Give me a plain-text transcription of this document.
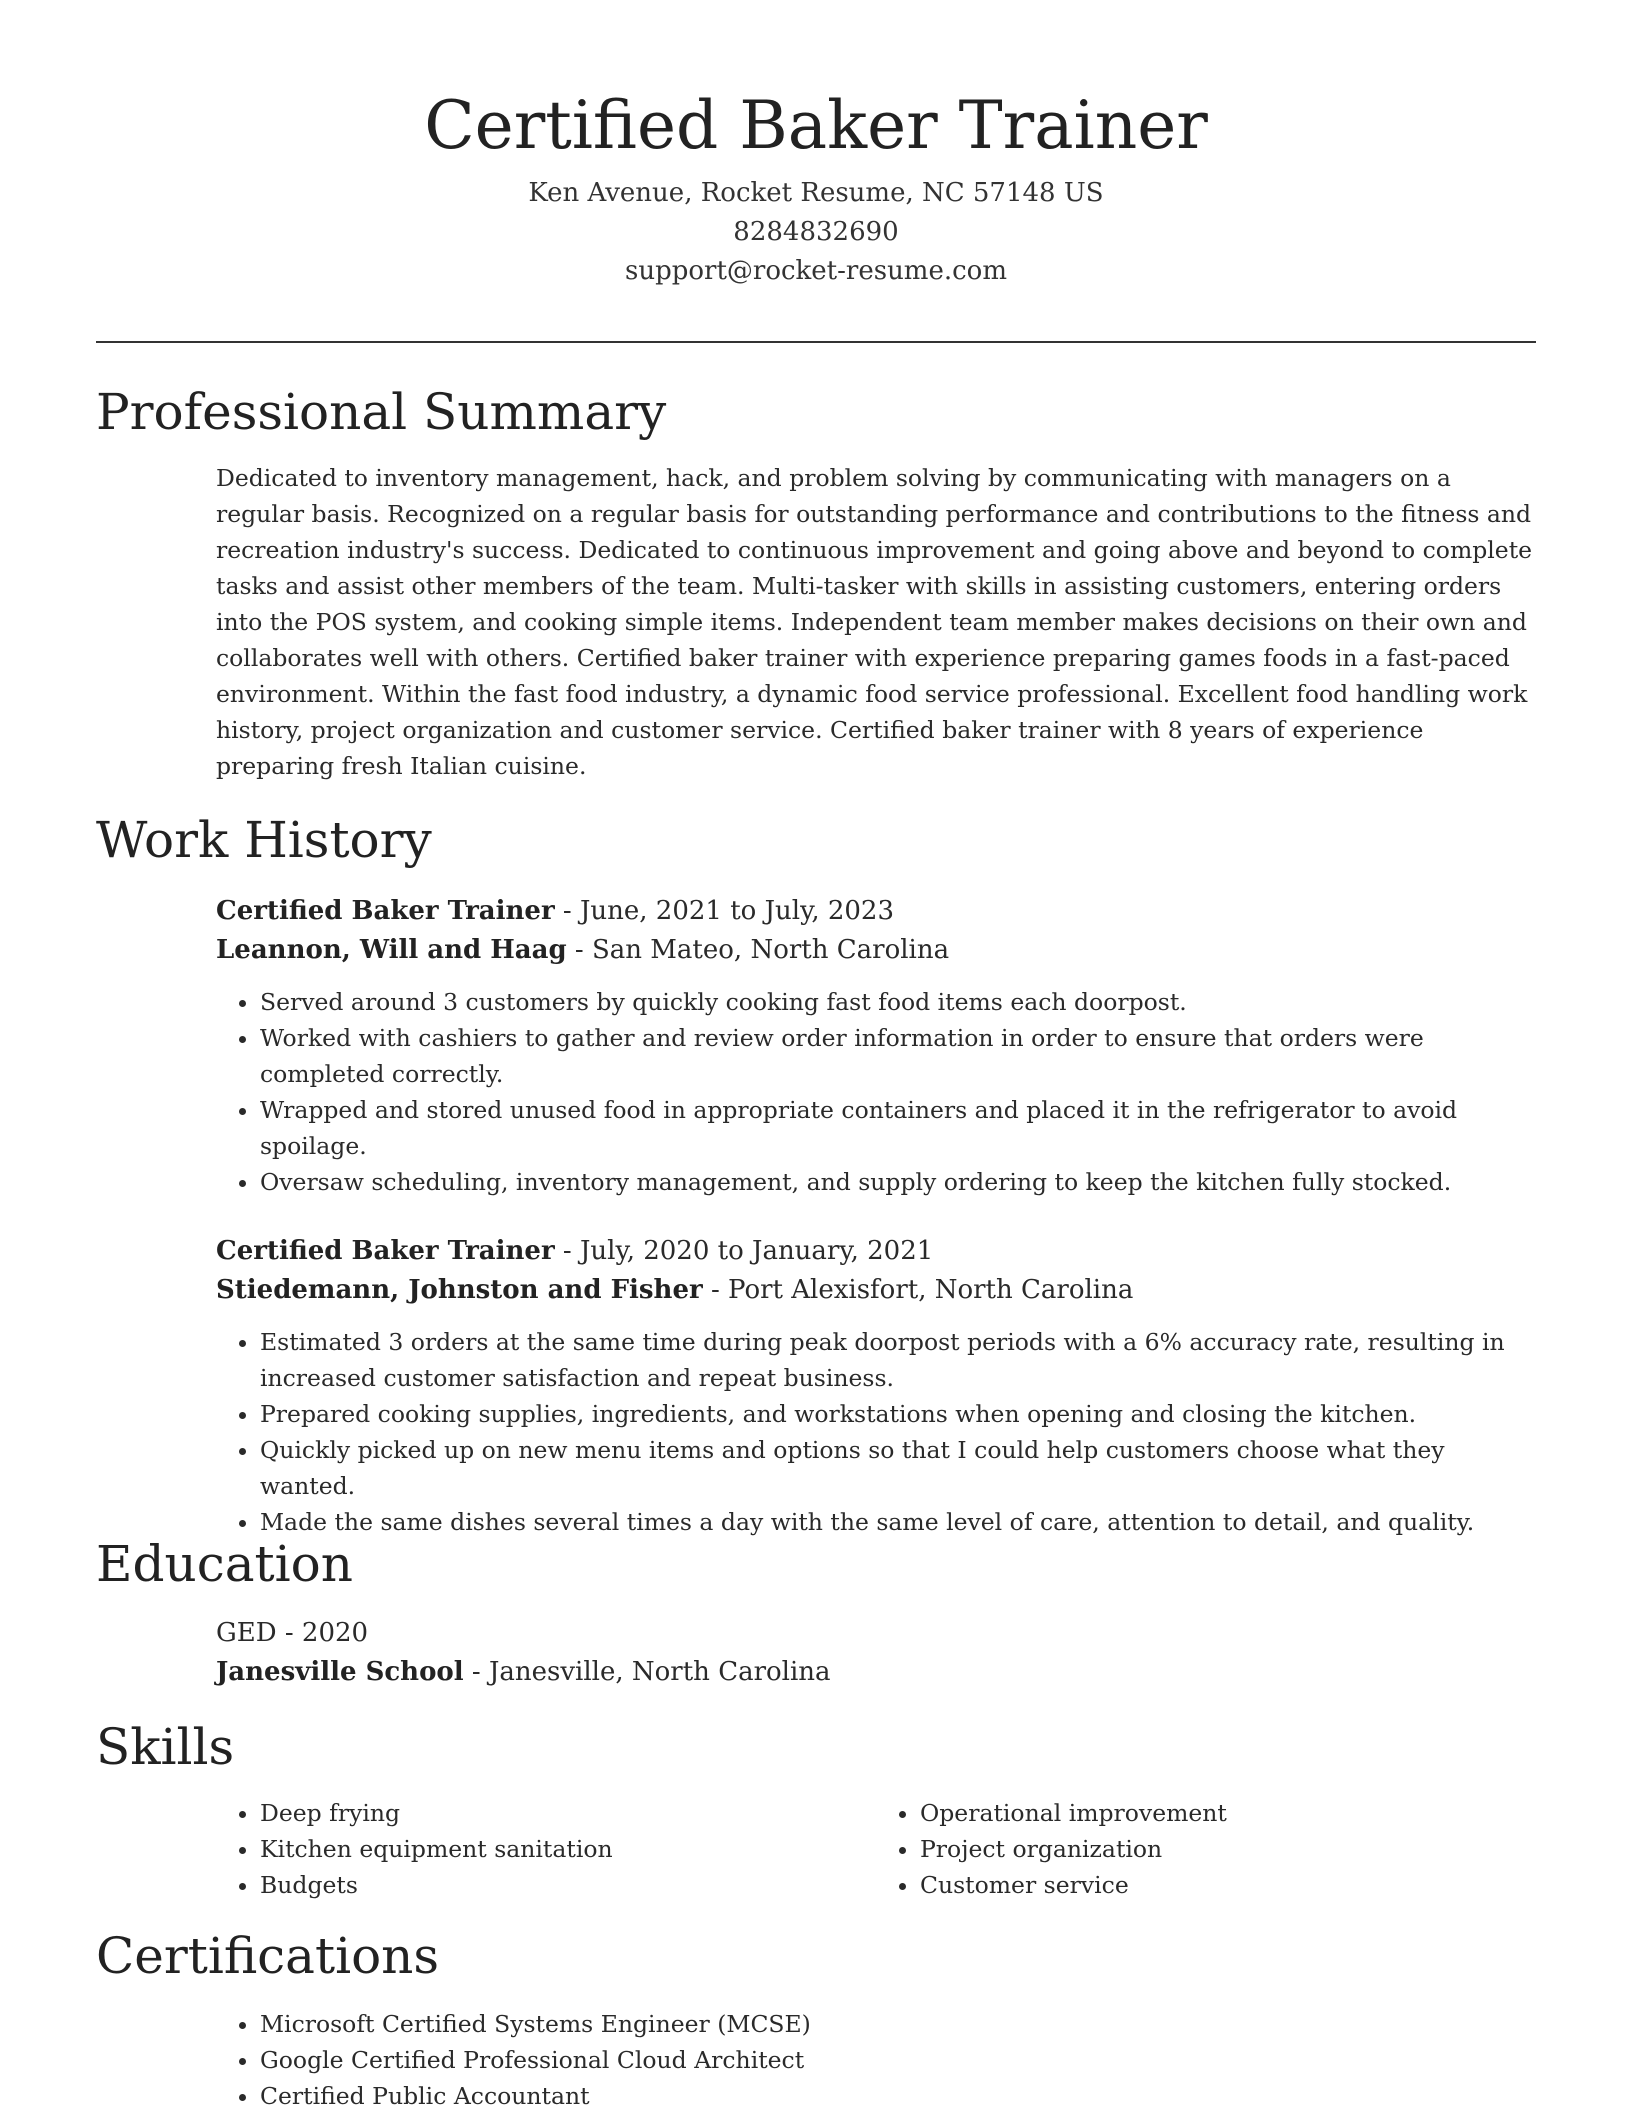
Certified Baker Trainer
Ken Avenue, Rocket Resume, NC 57148 US
8284832690
support@rocket-resume.com
Professional Summary

Dedicated to inventory management, hack, and problem solving by communicating with managers on a regular basis. Recognized on a regular basis for outstanding performance and contributions to the fitness and recreation industry's success. Dedicated to continuous improvement and going above and beyond to complete tasks and assist other members of the team. Multi-tasker with skills in assisting customers, entering orders into the POS system, and cooking simple items. Independent team member makes decisions on their own and collaborates well with others. Certified baker trainer with experience preparing games foods in a fast-paced environment. Within the fast food industry, a dynamic food service professional. Excellent food handling work history, project organization and customer service. Certified baker trainer with 8 years of experience preparing fresh Italian cuisine.

Work History
Certified Baker Trainer - June, 2021 to July, 2023
Leannon, Will and Haag - San Mateo, North Carolina
• Served around 3 customers by quickly cooking fast food items each doorpost.
• Worked with cashiers to gather and review order information in order to ensure that orders were completed correctly.
• Wrapped and stored unused food in appropriate containers and placed it in the refrigerator to avoid spoilage.
• Oversaw scheduling, inventory management, and supply ordering to keep the kitchen fully stocked.
Certified Baker Trainer - July, 2020 to January, 2021
Stiedemann, Johnston and Fisher - Port Alexisfort, North Carolina
• Estimated 3 orders at the same time during peak doorpost periods with a 6% accuracy rate, resulting in increased customer satisfaction and repeat business.
• Prepared cooking supplies, ingredients, and workstations when opening and closing the kitchen.
• Quickly picked up on new menu items and options so that I could help customers choose what they wanted.
• Made the same dishes several times a day with the same level of care, attention to detail, and quality.
Education
GED - 2020
Janesville School - Janesville, North Carolina
Skills
• Deep frying
• Kitchen equipment sanitation
• Budgets
• Operational improvement
• Project organization
• Customer service
Certifications
• Microsoft Certified Systems Engineer (MCSE)
• Google Certified Professional Cloud Architect
• Certified Public Accountant
